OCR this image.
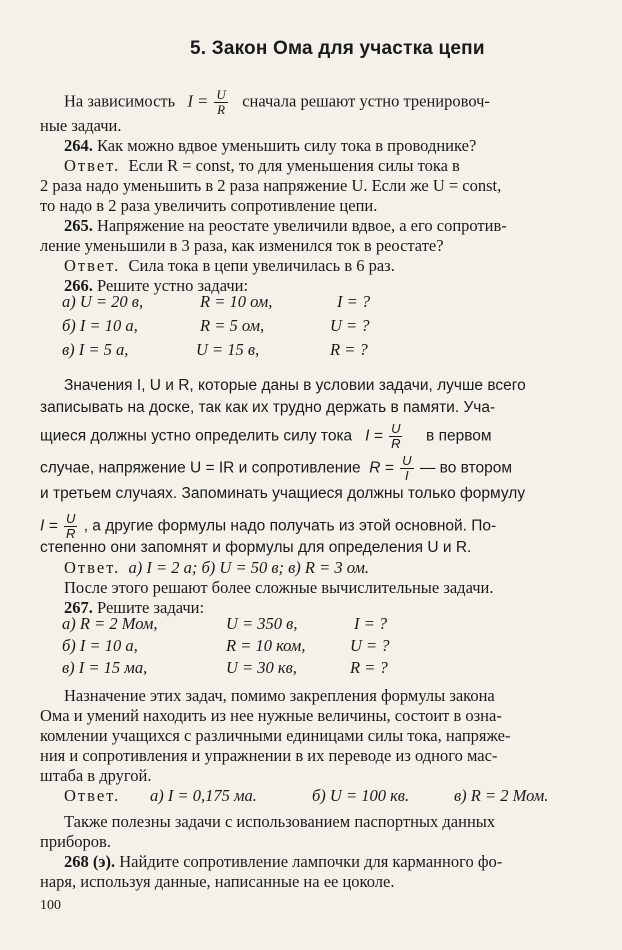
5. Закон Ома для участка цепи
На зависимость $I = \frac{U}{R}$ сначала решают устно тренировоч-
ные задачи.
264. Как можно вдвое уменьшить силу тока в проводнике?
Ответ. Если R = const, то для уменьшения силы тока в
2 раза надо уменьшить в 2 раза напряжение U. Если же U = const,
то надо в 2 раза увеличить сопротивление цепи.
265. Напряжение на реостате увеличили вдвое, а его сопротив-
ление уменьшили в 3 раза, как изменился ток в реостате?
Ответ. Сила тока в цепи увеличилась в 6 раз.
266. Решите устно задачи:
а) U = 20 в,	R = 10 ом,	I = ?
б) I = 10 а,	R = 5 ом,	U = ?
в) I = 5 а,	U = 15 в,	R = ?
Значения I, U и R, которые даны в условии задачи, лучше всего
записывать на доске, так как их трудно держать в памяти. Уча-
щиеся должны устно определить силу тока $I = \frac{U}{R}$ в первом
случае, напряжение U = IR и сопротивление $R = \frac{U}{I}$ — во втором
и третьем случаях. Запоминать учащиеся должны только формулу
$I = \frac{U}{R}$ , а другие формулы надо получать из этой основной. По-
степенно они запомнят и формулы для определения U и R.
Ответ. а) I = 2 а; б) U = 50 в; в) R = 3 ом.
После этого решают более сложные вычислительные задачи.
267. Решите задачи:
а) R = 2 Мом,	U = 350 в,	I = ?
б) I = 10 а,	R = 10 ком,	U = ?
в) I = 15 ма,	U = 30 кв,	R = ?
Назначение этих задач, помимо закрепления формулы закона
Ома и умений находить из нее нужные величины, состоит в озна-
комлении учащихся с различными единицами силы тока, напряже-
ния и сопротивления и упражнении в их переводе из одного мас-
штаба в другой.
Ответ. а) I = 0,175 ма.	б) U = 100 кв.	в) R = 2 Мом.
Также полезны задачи с использованием паспортных данных
приборов.
268 (э). Найдите сопротивление лампочки для карманного фо-
наря, используя данные, написанные на ее цоколе.
100
